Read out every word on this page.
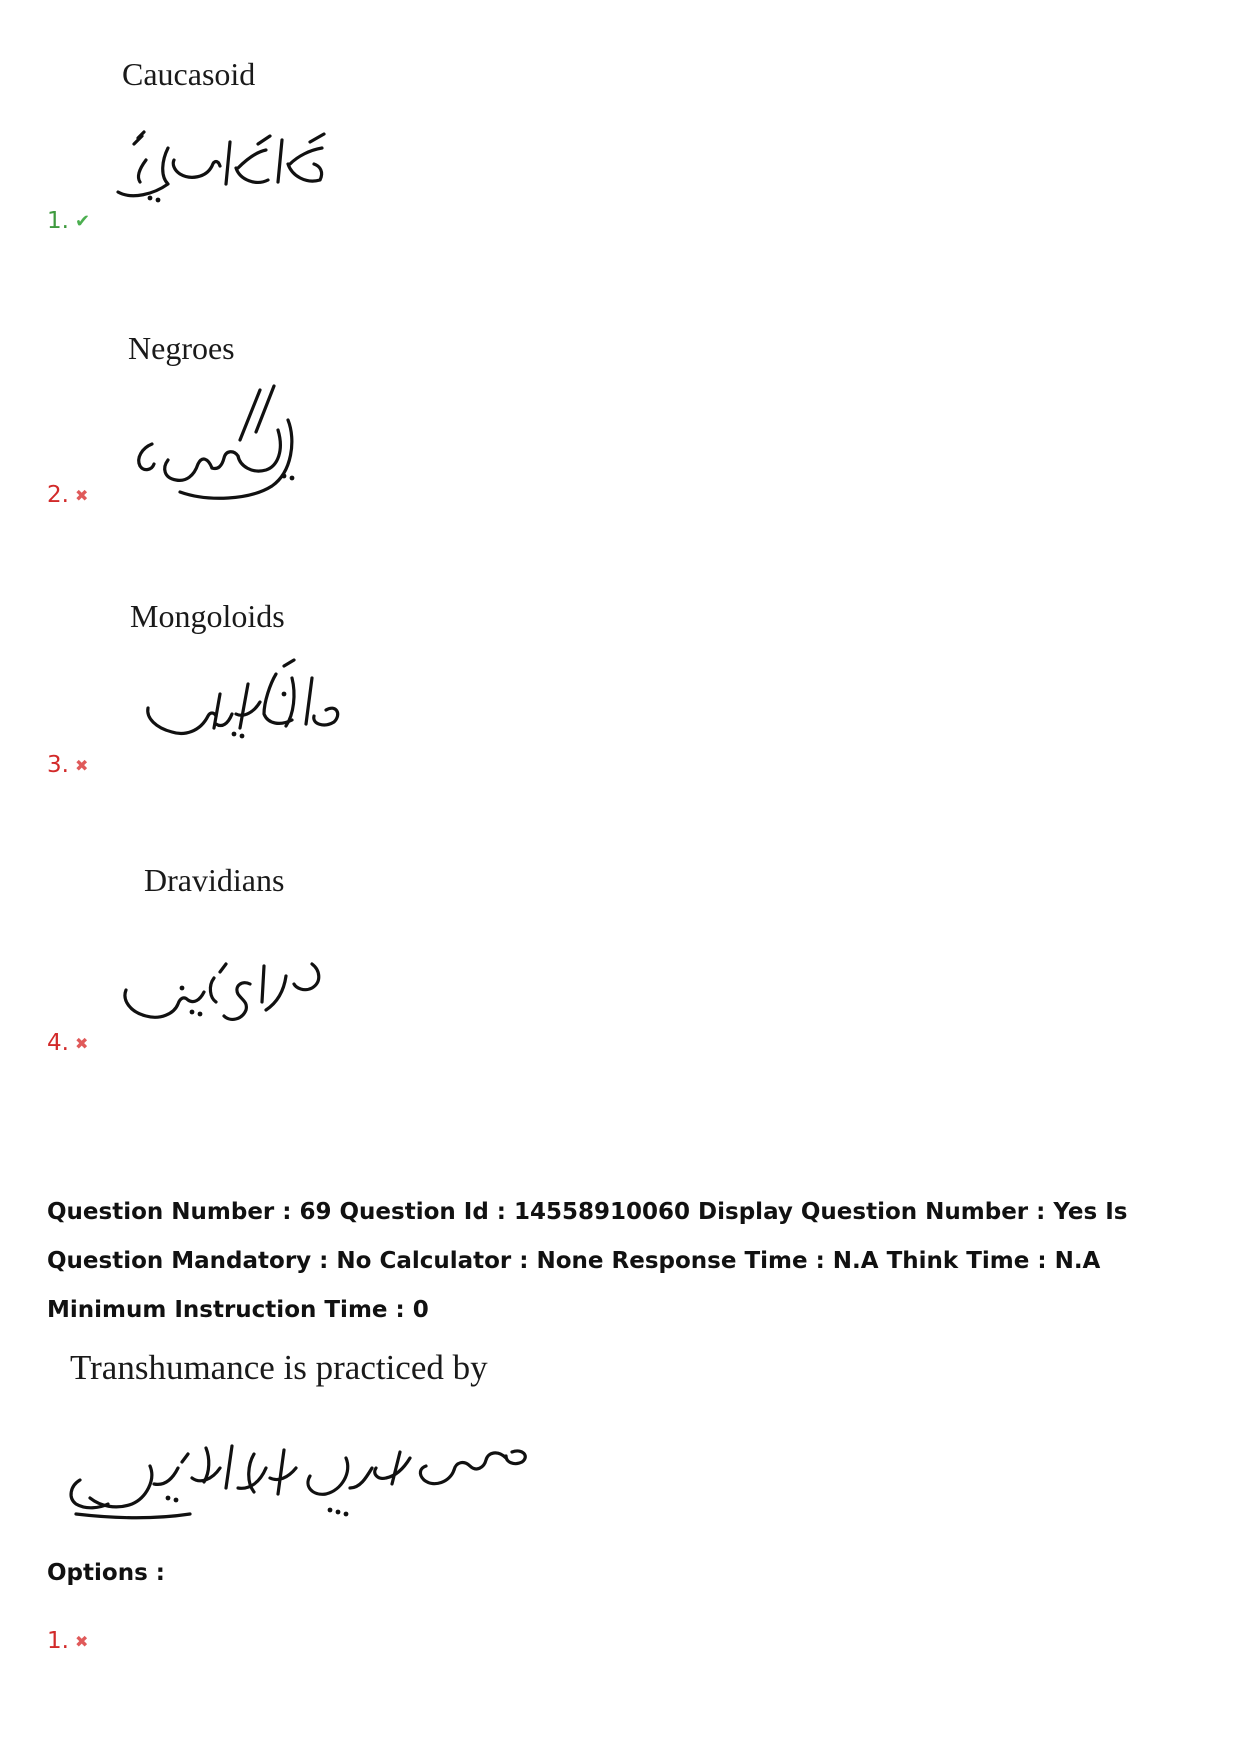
Caucasoid
1. ✔
Negroes
2. ✖
Mongoloids
3. ✖
Dravidians
4. ✖
Question Number : 69 Question Id : 14558910060 Display Question Number : Yes Is Question Mandatory : No Calculator : None Response Time : N.A Think Time : N.A Minimum Instruction Time : 0
Transhumance is practiced by
Options :
1. ✖
